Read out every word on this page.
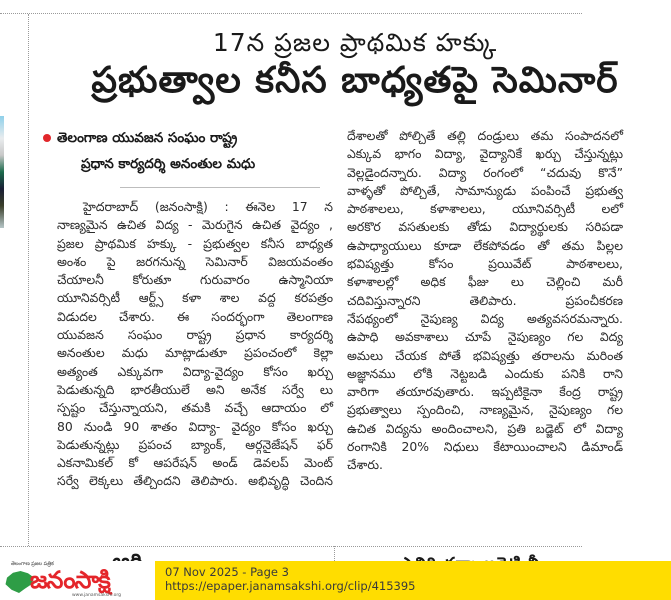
17న ప్రజల ప్రాథమిక హక్కు
ప్రభుత్వాల కనీస బాధ్యతపై సెమినార్
తెలంగాణ యువజన సంఘం రాష్ట్ర
ప్రధాన కార్యదర్శి అనంతుల మధు
హైదరాబాద్ (జనంసాక్షి) : ఈనెల 17 న
నాణ్యమైన ఉచిత విద్య - మెరుగైన ఉచిత వైద్యం ,
ప్రజల ప్రాథమిక హక్కు - ప్రభుత్వల కనీస బాధ్యత
అంశం పై జరగనున్న సెమినార్ విజయవంతం
చేయాలనీ కోరుతూ గురువారం ఉస్మానియా
యూనివర్సిటీ ఆర్ట్స్ కళా శాల వద్ద కరపత్రం
విడుదల చేశారు. ఈ సందర్భంగా తెలంగాణ
యువజన సంఘం రాష్ట్ర ప్రధాన కార్యదర్శి
అనంతుల మధు మాట్లాడుతూ ప్రపంచంలో కెల్లా
అత్యంత ఎక్కువగా విద్యా-వైద్యం కోసం ఖర్చు
పెడుతున్నది భారతీయులే అని అనేక సర్వే లు
స్పష్టం చేస్తున్నాయని, తమకి వచ్చే ఆదాయం లో
80 నుండి 90 శాతం విద్యా- వైద్యం కోసం ఖర్చు
పెడుతున్నట్లు ప్రపంచ బ్యాంక్, ఆర్గనైజేషన్ ఫర్
ఎకనామికల్ కో ఆపరేషన్ అండ్ డెవలప్ మెంట్
సర్వే లెక్కలు తేల్చిందని తెలిపారు. అభివృద్ధి చెందిన
దేశాలతో పోల్చితే తల్లి దండ్రులు తమ సంపాదనలో
ఎక్కువ భాగం విద్యా, వైద్యానికే ఖర్చు చేస్తున్నట్లు
వెల్లడైందన్నారు. విద్యా రంగంలో “చదువు కొనే”
వాళ్ళతో పోల్చితే, సామాన్యుడు పంపించే ప్రభుత్వ
పాఠశాలలు, కళాశాలలు, యూనివర్సిటీ లలో
అరకొర వసతులకు తోడు విద్యార్థులకు సరిపడా
ఉపాధ్యాయులు కూడా లేకపోవడం తో తమ పిల్లల
భవిష్యత్తు కోసం ప్రయివేట్ పాఠశాలలు,
కళాశాలల్లో అధిక ఫీజు లు చెల్లించి మరీ
చదివిస్తున్నారని తెలిపారు. ప్రపంచీకరణ
నేపథ్యంలో నైపుణ్య విద్య అత్యవసరమన్నారు.
ఉపాధి అవకాశాలు చూపే నైపుణ్యం గల విద్య
అమలు చేయక పోతే భవిష్యత్తు తరాలను మరింత
అజ్ఞానము లోకి నెట్టబడి ఎందుకు పనికి రాని
వారిగా తయారవుతారు. ఇప్పటికైనా కేంద్ర రాష్ట్ర
ప్రభుత్వాలు స్పందించి, నాణ్యమైన, నైపుణ్యం గల
ఉచిత విద్యను అందించాలని, ప్రతి బడ్జెట్ లో విద్యా
రంగానికి 20% నిధులు కేటాయించాలని డిమాండ్
చేశారు.
తెలంగాణ ప్రజల పత్రిక
జనంసాక్షి
www.janamsakshi.org
07 Nov 2025 - Page 3
https://epaper.janamsakshi.org/clip/415395
